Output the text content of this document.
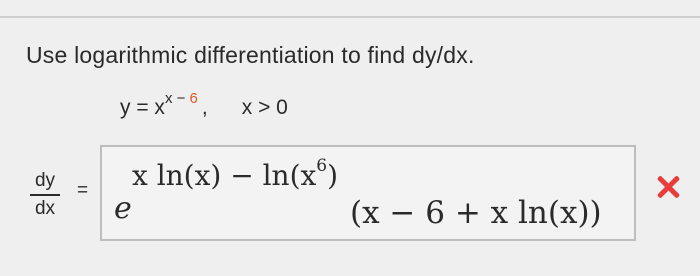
Use logarithmic differentiation to find dy/dx.
y = x x − 6 , x > 0
dy
dx
=
e
x $\ln(x) - \ln(x^6)$
(x − 6 + x ln(x))
